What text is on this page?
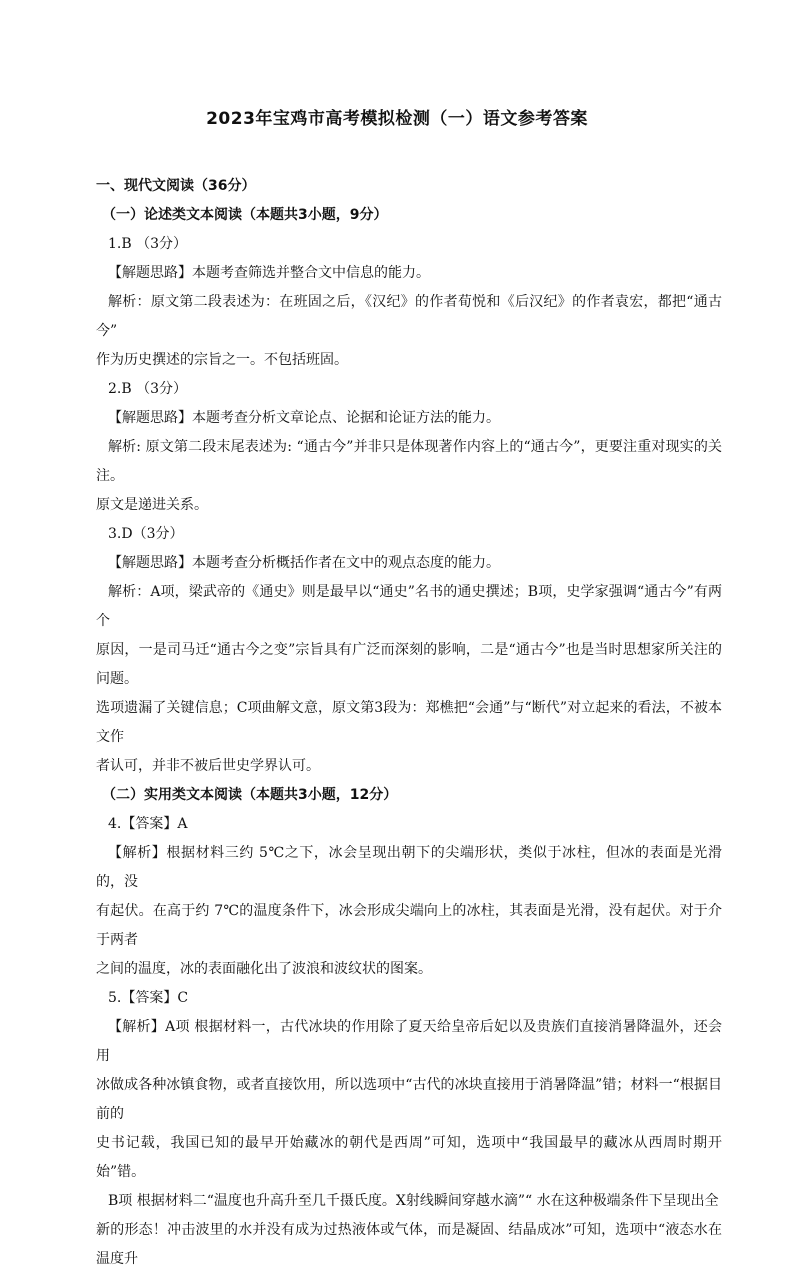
2023年宝鸡市高考模拟检测（一）语文参考答案

一、现代文阅读（36分）

（一）论述类文本阅读（本题共3小题，9分）

1.B （3分）

【解题思路】本题考查筛选并整合文中信息的能力。

解析：原文第二段表述为：在班固之后，《汉纪》的作者荀悦和《后汉纪》的作者袁宏，都把“通古今”

作为历史撰述的宗旨之一。不包括班固。

2.B （3分）

【解题思路】本题考查分析文章论点、论据和论证方法的能力。

解析: 原文第二段末尾表述为: “通古今”并非只是体现著作内容上的“通古今”，更要注重对现实的关注。

原文是递进关系。

3.D（3分）

【解题思路】本题考查分析概括作者在文中的观点态度的能力。

解析：A项，梁武帝的《通史》则是最早以“通史”名书的通史撰述；B项，史学家强调“通古今”有两个

原因，一是司马迁“通古今之变”宗旨具有广泛而深刻的影响，二是“通古今”也是当时思想家所关注的问题。

选项遗漏了关键信息；C项曲解文意，原文第3段为：郑樵把“会通”与“断代”对立起来的看法，不被本文作

者认可，并非不被后世史学界认可。

（二）实用类文本阅读（本题共3小题，12分）

4.【答案】A

【解析】根据材料三约 5℃之下，冰会呈现出朝下的尖端形状，类似于冰柱，但冰的表面是光滑的，没

有起伏。在高于约 7℃的温度条件下，冰会形成尖端向上的冰柱，其表面是光滑，没有起伏。对于介于两者

之间的温度，冰的表面融化出了波浪和波纹状的图案。

5.【答案】C

【解析】A项 根据材料一，古代冰块的作用除了夏天给皇帝后妃以及贵族们直接消暑降温外，还会用

冰做成各种冰镇食物，或者直接饮用，所以选项中“古代的冰块直接用于消暑降温”错；材料一“根据目前的

史书记载，我国已知的最早开始藏冰的朝代是西周”可知，选项中“我国最早的藏冰从西周时期开始”错。

B项 根据材料二“温度也升高升至几千摄氏度。X射线瞬间穿越水滴”“ 水在这种极端条件下呈现出全

新的形态！冲击波里的水并没有成为过热液体或气体，而是凝固、结晶成冰”可知，选项中“液态水在温度升
